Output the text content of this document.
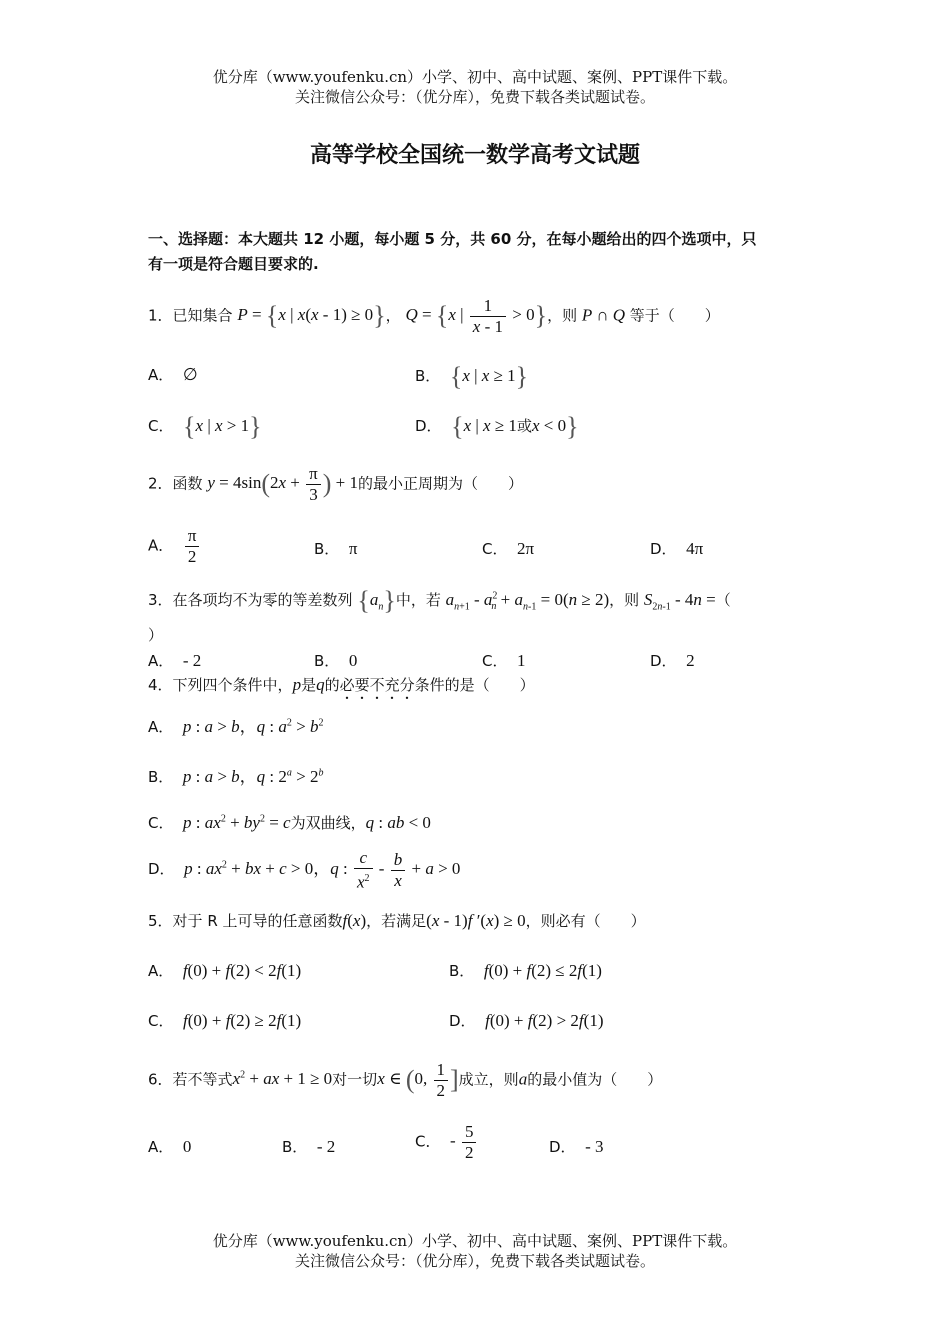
优分库（www.youfenku.cn）小学、初中、高中试题、案例、PPT课件下载。
关注微信公众号：（优分库），免费下载各类试题试卷。
高等学校全国统一数学高考文试题
一、选择题：本大题共 12 小题，每小题 5 分，共 60 分，在每小题给出的四个选项中，只
有一项是符合题目要求的.
1．已知集合 P = {x | x(x - 1) ≥ 0}， Q = {x | $\frac{1}{x - 1} > 0$}，则 P ∩ Q 等于（　　）
A． ∅	B． {x | x ≥ 1}
C． {x | x > 1}	D． {x | x ≥ 1或x < 0}
2．函数 $y = 4\sin(2x + \frac{\pi}{3}$ ) + 1的最小正周期为（　　）
A． $\frac{\pi}{2}$	B． π	C． 2π	D． 4π
3．在各项均不为零的等差数列 $\{a_n\}$中，若 $a_{n+1} - a^2_n + a_{n-1} = 0(n \ge 2)$，则 $S_{2n-1} - 4n$ =（
）
A． - 2	B． 0	C． 1	D． 2
4．下列四个条件中，p是q的必要不充分条件的是（　　）
A． p : a > b，q : $a^2 > b^2$
B． p : a > b，q : $2^a > 2^b$
C． p : $ax^2 + by^2 = c$为双曲线，q : ab < 0
D． p : $ax^2$ + bx + c > 0，q : $\frac{c}{x^2} - \frac{b}{x} + a > 0$
5．对于 R 上可导的任意函数f(x)，若满足(x - 1)f ′(x) ≥ 0，则必有（　　）
A． f(0) + f(2) < 2f(1)	B． f(0) + f(2) ≤ 2f(1)
C． f(0) + f(2) ≥ 2f(1)	D． f(0) + f(2) > 2f(1)
6．若不等式$x^2$ + ax + 1 ≥ 0对一切x ∈ (0, $\frac{1}{2}$ ]成立，则a的最小值为（　　）
A． 0	B． - 2	C． - $\frac{5}{2}$	D． - 3
优分库（www.youfenku.cn）小学、初中、高中试题、案例、PPT课件下载。
关注微信公众号：（优分库），免费下载各类试题试卷。
